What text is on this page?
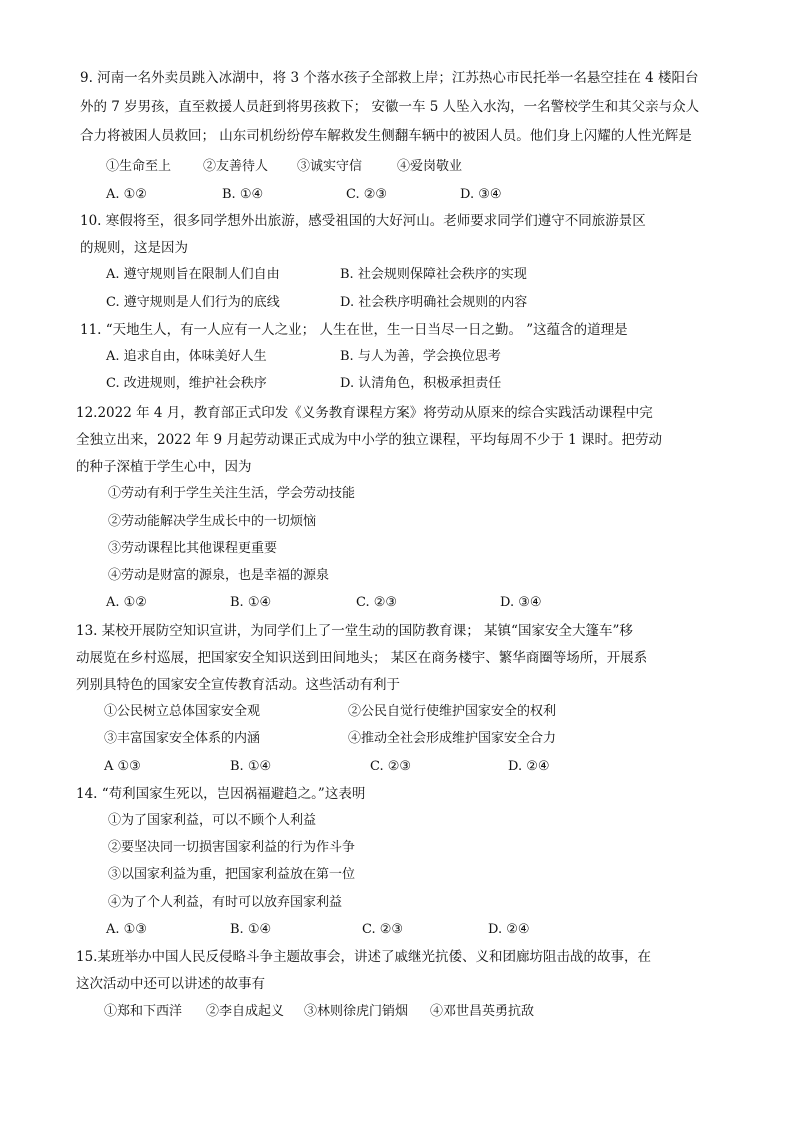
9. 河南一名外卖员跳入冰湖中，将 3 个落水孩子全部救上岸；江苏热心市民托举一名悬空挂在 4 楼阳台
外的 7 岁男孩，直至救援人员赶到将男孩救下； 安徽一车 5 人坠入水沟，一名警校学生和其父亲与众人
合力将被困人员救回； 山东司机纷纷停车解救发生侧翻车辆中的被困人员。他们身上闪耀的人性光辉是
①生命至上 ②友善待人 ③诚实守信	④爱岗敬业
A. ①②	B. ①④	C. ②③	D. ③④
10. 寒假将至，很多同学想外出旅游，感受祖国的大好河山。老师要求同学们遵守不同旅游景区
的规则，这是因为
A. 遵守规则旨在限制人们自由	B. 社会规则保障社会秩序的实现
C. 遵守规则是人们行为的底线	D. 社会秩序明确社会规则的内容
11. “天地生人，有一人应有一人之业； 人生在世，生一日当尽一日之勤。 ”这蕴含的道理是
A. 追求自由，体味美好人生	B. 与人为善，学会换位思考
C. 改进规则，维护社会秩序	D. 认清角色，积极承担责任
12.2022 年 4 月，教育部正式印发《义务教育课程方案》将劳动从原来的综合实践活动课程中完
全独立出来，2022 年 9 月起劳动课正式成为中小学的独立课程，平均每周不少于 1 课时。把劳动
的种子深植于学生心中，因为
①劳动有利于学生关注生活，学会劳动技能
②劳动能解决学生成长中的一切烦恼
③劳动课程比其他课程更重要
④劳动是财富的源泉，也是幸福的源泉
A. ①②	B. ①④	C. ②③	D. ③④
13. 某校开展防空知识宣讲，为同学们上了一堂生动的国防教育课； 某镇“国家安全大篷车”移
动展览在乡村巡展，把国家安全知识送到田间地头； 某区在商务楼宇、繁华商圈等场所，开展系
列别具特色的国家安全宣传教育活动。这些活动有利于
①公民树立总体国家安全观	②公民自觉行使维护国家安全的权利
③丰富国家安全体系的内涵	④推动全社会形成维护国家安全合力
A ①③	B. ①④	C. ②③	D. ②④
14. “苟利国家生死以，岂因祸福避趋之。”这表明
①为了国家利益，可以不顾个人利益
②要坚决同一切损害国家利益的行为作斗争
③以国家利益为重，把国家利益放在第一位
④为了个人利益，有时可以放弃国家利益
A. ①③	B. ①④	C. ②③	D. ②④
15.某班举办中国人民反侵略斗争主题故事会，讲述了戚继光抗倭、义和团廊坊阻击战的故事，在
这次活动中还可以讲述的故事有
①郑和下西洋 ②李自成起义 ③林则徐虎门销烟 ④邓世昌英勇抗敌
